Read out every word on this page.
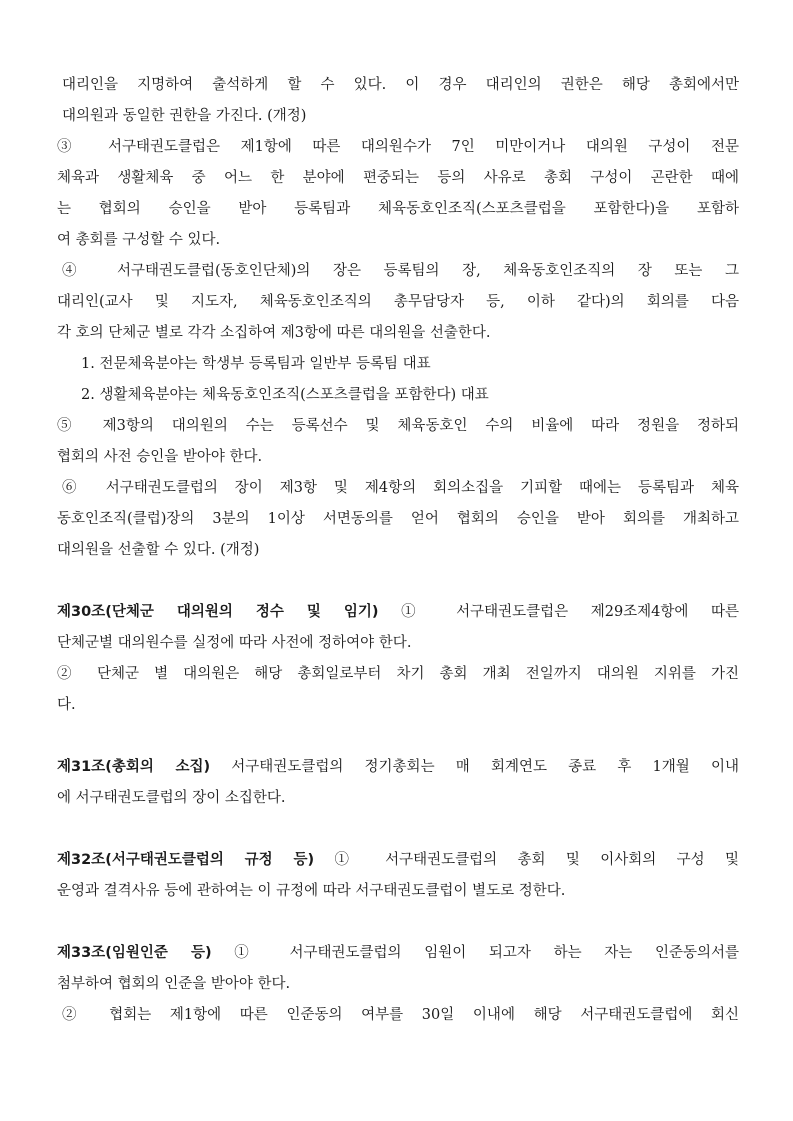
대리인을 지명하여 출석하게 할 수 있다. 이 경우 대리인의 권한은 해당 총회에서만
대의원과 동일한 권한을 가진다. (개정)
③ 서구태권도클럽은 제1항에 따른 대의원수가 7인 미만이거나 대의원 구성이 전문
체육과 생활체육 중 어느 한 분야에 편중되는 등의 사유로 총회 구성이 곤란한 때에
는 협회의 승인을 받아 등록팀과 체육동호인조직(스포츠클럽을 포함한다)을 포함하
여 총회를 구성할 수 있다.
④ 서구태권도클럽(동호인단체)의 장은 등록팀의 장, 체육동호인조직의 장 또는 그
대리인(교사 및 지도자, 체육동호인조직의 총무담당자 등, 이하 같다)의 회의를 다음
각 호의 단체군 별로 각각 소집하여 제3항에 따른 대의원을 선출한다.
1. 전문체육분야는 학생부 등록팀과 일반부 등록팀 대표
2. 생활체육분야는 체육동호인조직(스포츠클럽을 포함한다) 대표
⑤ 제3항의 대의원의 수는 등록선수 및 체육동호인 수의 비율에 따라 정원을 정하되
협회의 사전 승인을 받아야 한다.
⑥ 서구태권도클럽의 장이 제3항 및 제4항의 회의소집을 기피할 때에는 등록팀과 체육
동호인조직(클럽)장의 3분의 1이상 서면동의를 얻어 협회의 승인을 받아 회의를 개최하고
대의원을 선출할 수 있다. (개정)
제30조(단체군 대의원의 정수 및 임기) ① 서구태권도클럽은 제29조제4항에 따른
단체군별 대의원수를 실정에 따라 사전에 정하여야 한다.
② 단체군 별 대의원은 해당 총회일로부터 차기 총회 개최 전일까지 대의원 지위를 가진
다.
제31조(총회의 소집) 서구태권도클럽의 정기총회는 매 회계연도 종료 후 1개월 이내
에 서구태권도클럽의 장이 소집한다.
제32조(서구태권도클럽의 규정 등) ① 서구태권도클럽의 총회 및 이사회의 구성 및
운영과 결격사유 등에 관하여는 이 규정에 따라 서구태권도클럽이 별도로 정한다.
제33조(임원인준 등) ① 서구태권도클럽의 임원이 되고자 하는 자는 인준동의서를
첨부하여 협회의 인준을 받아야 한다.
② 협회는 제1항에 따른 인준동의 여부를 30일 이내에 해당 서구태권도클럽에 회신
